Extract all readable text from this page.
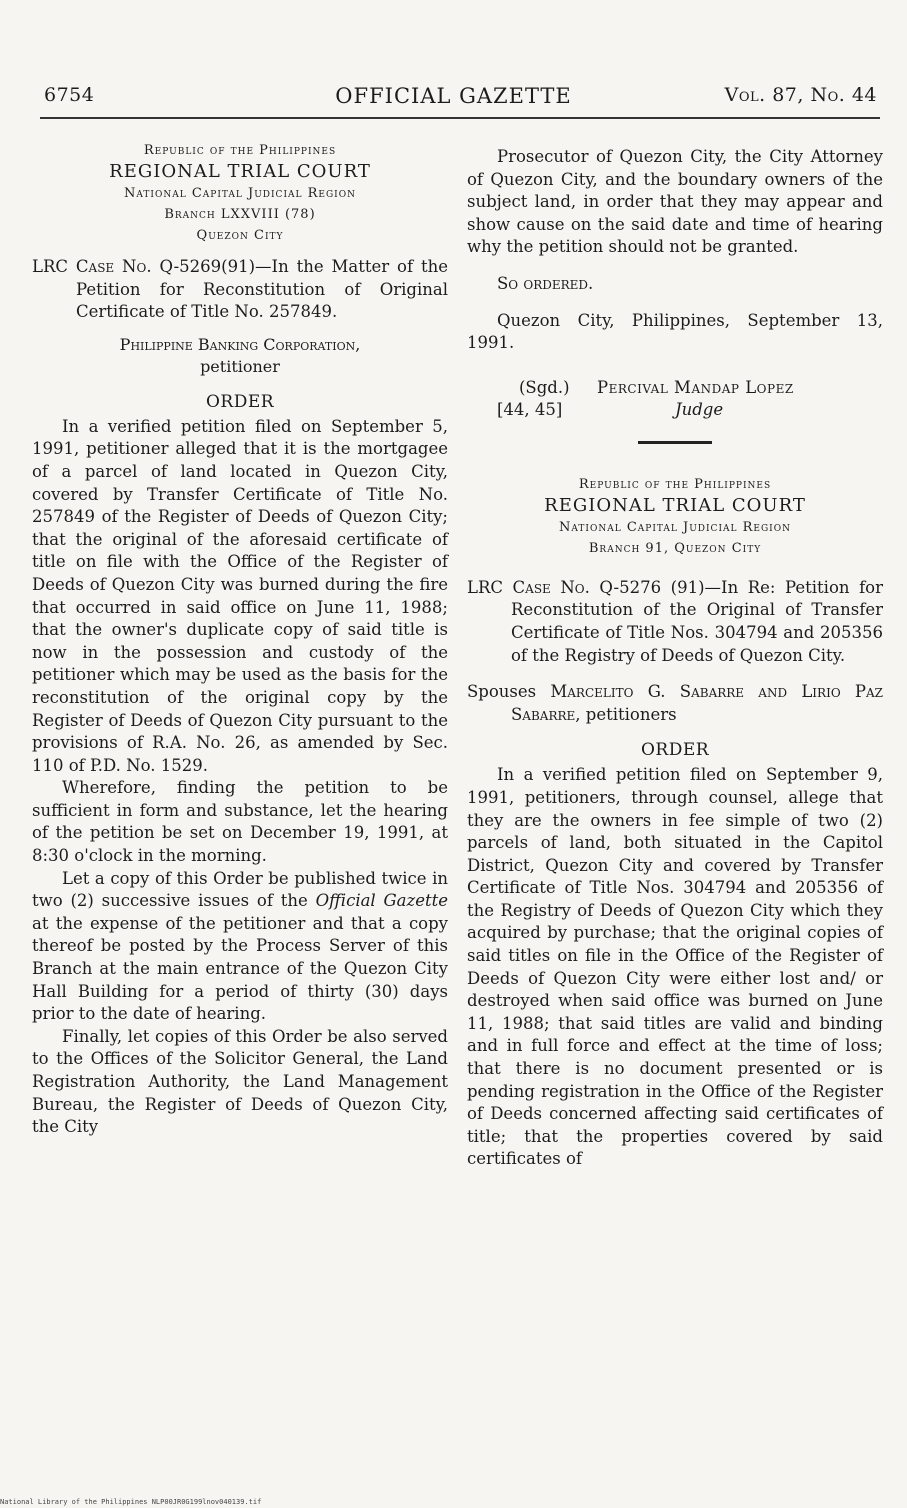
6754	OFFICIAL GAZETTE	Vol. 87, No. 44
Republic of the Philippines
REGIONAL TRIAL COURT
National Capital Judicial Region
Branch LXXVIII (78)
Quezon City

LRC Case No. Q-5269(91)—In the Matter of the Petition for Reconstitution of Original Certificate of Title No. 257849.

Philippine Banking Corporation,
petitioner
ORDER

In a verified petition filed on September 5, 1991, petitioner alleged that it is the mortgagee of a parcel of land located in Quezon City, covered by Transfer Certificate of Title No. 257849 of the Register of Deeds of Quezon City; that the original of the aforesaid certificate of title on file with the Office of the Register of Deeds of Quezon City was burned during the fire that occurred in said office on June 11, 1988; that the owner's duplicate copy of said title is now in the possession and custody of the petitioner which may be used as the basis for the reconstitution of the original copy by the Register of Deeds of Quezon City pursuant to the provisions of R.A. No. 26, as amended by Sec. 110 of P.D. No. 1529.

Wherefore, finding the petition to be sufficient in form and substance, let the hearing of the petition be set on December 19, 1991, at 8:30 o'clock in the morning.

Let a copy of this Order be published twice in two (2) successive issues of the Official Gazette at the expense of the petitioner and that a copy thereof be posted by the Process Server of this Branch at the main entrance of the Quezon City Hall Building for a period of thirty (30) days prior to the date of hearing.

Finally, let copies of this Order be also served to the Offices of the Solicitor General, the Land Registration Authority, the Land Management Bureau, the Register of Deeds of Quezon City, the City

Prosecutor of Quezon City, the City Attorney of Quezon City, and the boundary owners of the subject land, in order that they may appear and show cause on the said date and time of hearing why the petition should not be granted.

So ordered.

Quezon City, Philippines, September 13, 1991.

(Sgd.) Percival Mandap Lopez
[44, 45]	Judge
Republic of the Philippines
REGIONAL TRIAL COURT
National Capital Judicial Region
Branch 91, Quezon City

LRC Case No. Q-5276 (91)—In Re: Petition for Reconstitution of the Original of Transfer Certificate of Title Nos. 304794 and 205356 of the Registry of Deeds of Quezon City.

Spouses Marcelito G. Sabarre and Lirio Paz Sabarre, petitioners

ORDER

In a verified petition filed on September 9, 1991, petitioners, through counsel, allege that they are the owners in fee simple of two (2) parcels of land, both situated in the Capitol District, Quezon City and covered by Transfer Certificate of Title Nos. 304794 and 205356 of the Registry of Deeds of Quezon City which they acquired by purchase; that the original copies of said titles on file in the Office of the Register of Deeds of Quezon City were either lost and/ or destroyed when said office was burned on June 11, 1988; that said titles are valid and binding and in full force and effect at the time of loss; that there is no document presented or is pending registration in the Office of the Register of Deeds concerned affecting said certificates of title; that the properties covered by said certificates of

National Library of the Philippines NLP00JR0G199lnov040139.tif
